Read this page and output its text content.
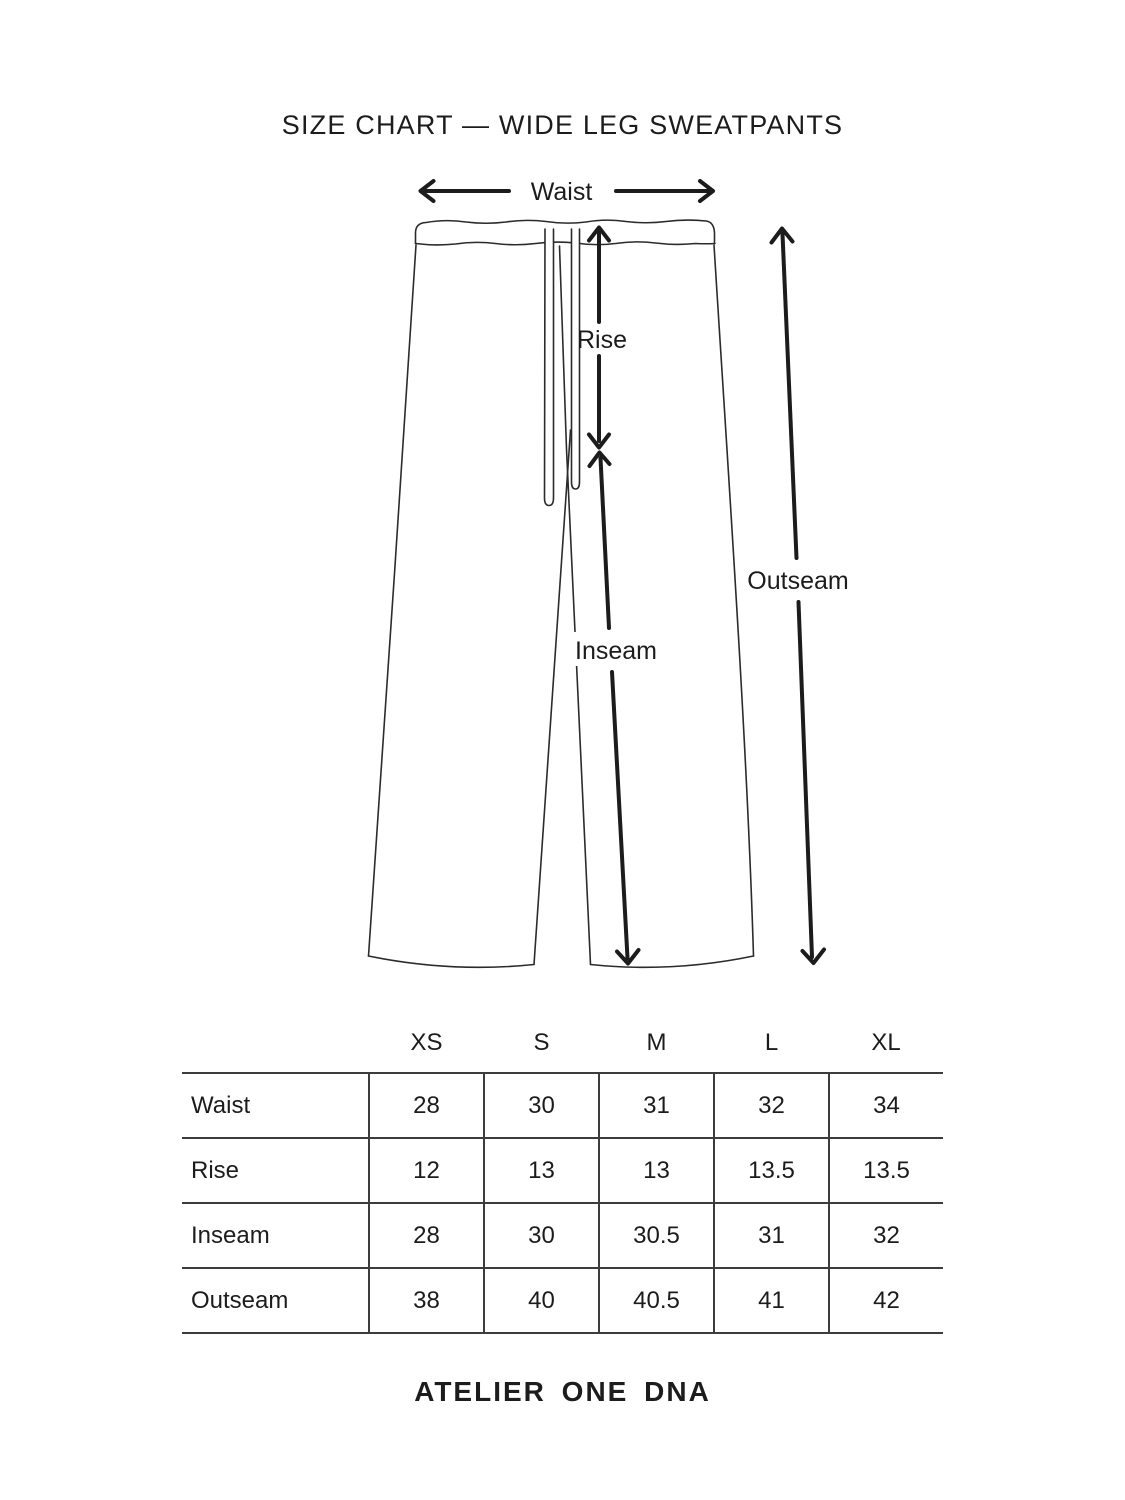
SIZE CHART — WIDE LEG SWEATPANTS
Waist
Rise
Inseam
Outseam
	XS	S	M	L	XL
Waist	28	30	31	32	34
Rise	12	13	13	13.5	13.5
Inseam	28	30	30.5	31	32
Outseam	38	40	40.5	41	42
ATELIER ONE DNA
